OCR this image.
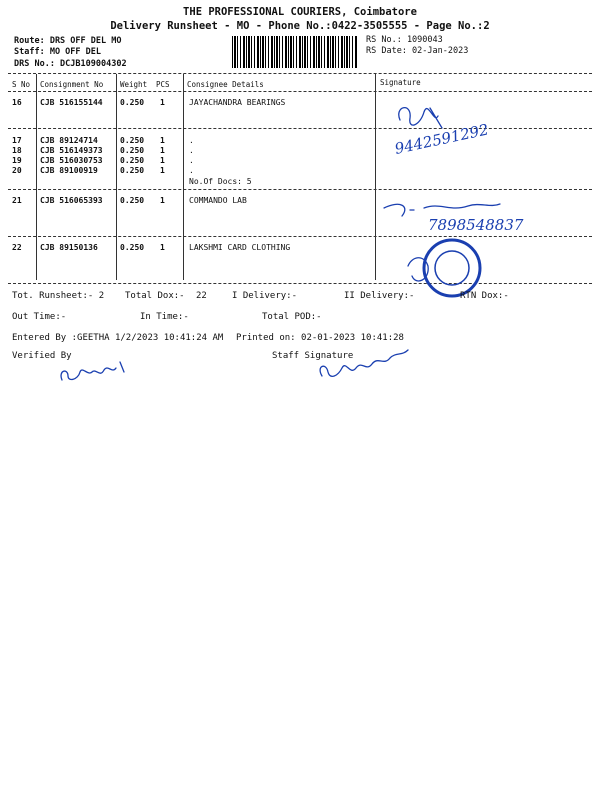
THE PROFESSIONAL COURIERS, Coimbatore
Delivery Runsheet - MO - Phone No.:0422-3505555 - Page No.:2
Route: DRS OFF DEL MO
Staff: MO OFF DEL
DRS No.: DCJB109004302
RS No.: 1090043
RS Date: 02-Jan-2023
S No Consignment No Weight PCS Consignee Details	Signature
16 CJB 516155144 0.250 1	JAYACHANDRA BEARINGS
17 CJB 89124714	0.250 1	.
18 CJB 516149373 0.250 1	.
19 CJB 516030753 0.250 1	.
20 CJB 89100919	0.250 1	.
No.Of Docs: 5
21 CJB 516065393 0.250 1	COMMANDO LAB
22 CJB 89150136	0.250 1	LAKSHMI CARD CLOTHING
9442591292
7898548837
Tot. Runsheet:- 2 Total Dox:- 22	I Delivery:-	II Delivery:-	RTN Dox:-
Out Time:-	In Time:-	Total POD:-
Entered By :GEETHA 1/2/2023 10:41:24 AM Printed on: 02-01-2023 10:41:28
Verified By	Staff Signature
